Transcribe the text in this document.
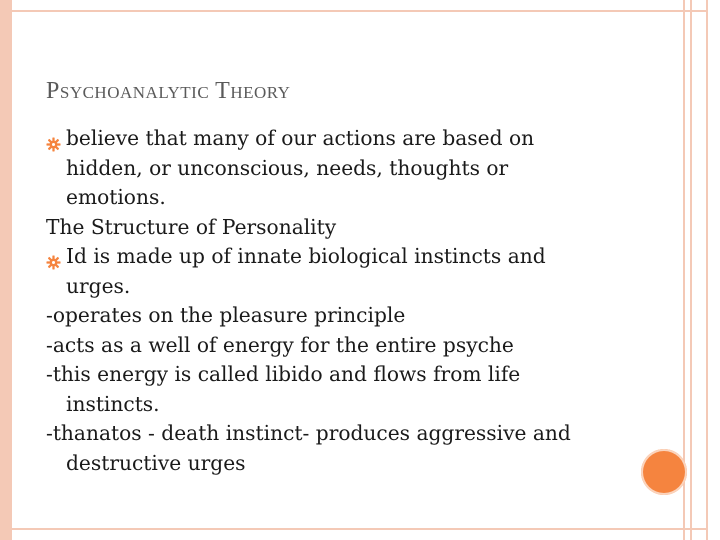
PSYCHOANALYTIC THEORY
believe that many of our actions are based on
hidden, or unconscious, needs, thoughts or
emotions.
The Structure of Personality
Id is made up of innate biological instincts and
urges.
-operates on the pleasure principle
-acts as a well of energy for the entire psyche
-this energy is called libido and flows from life
instincts.
-thanatos - death instinct- produces aggressive and
destructive urges
